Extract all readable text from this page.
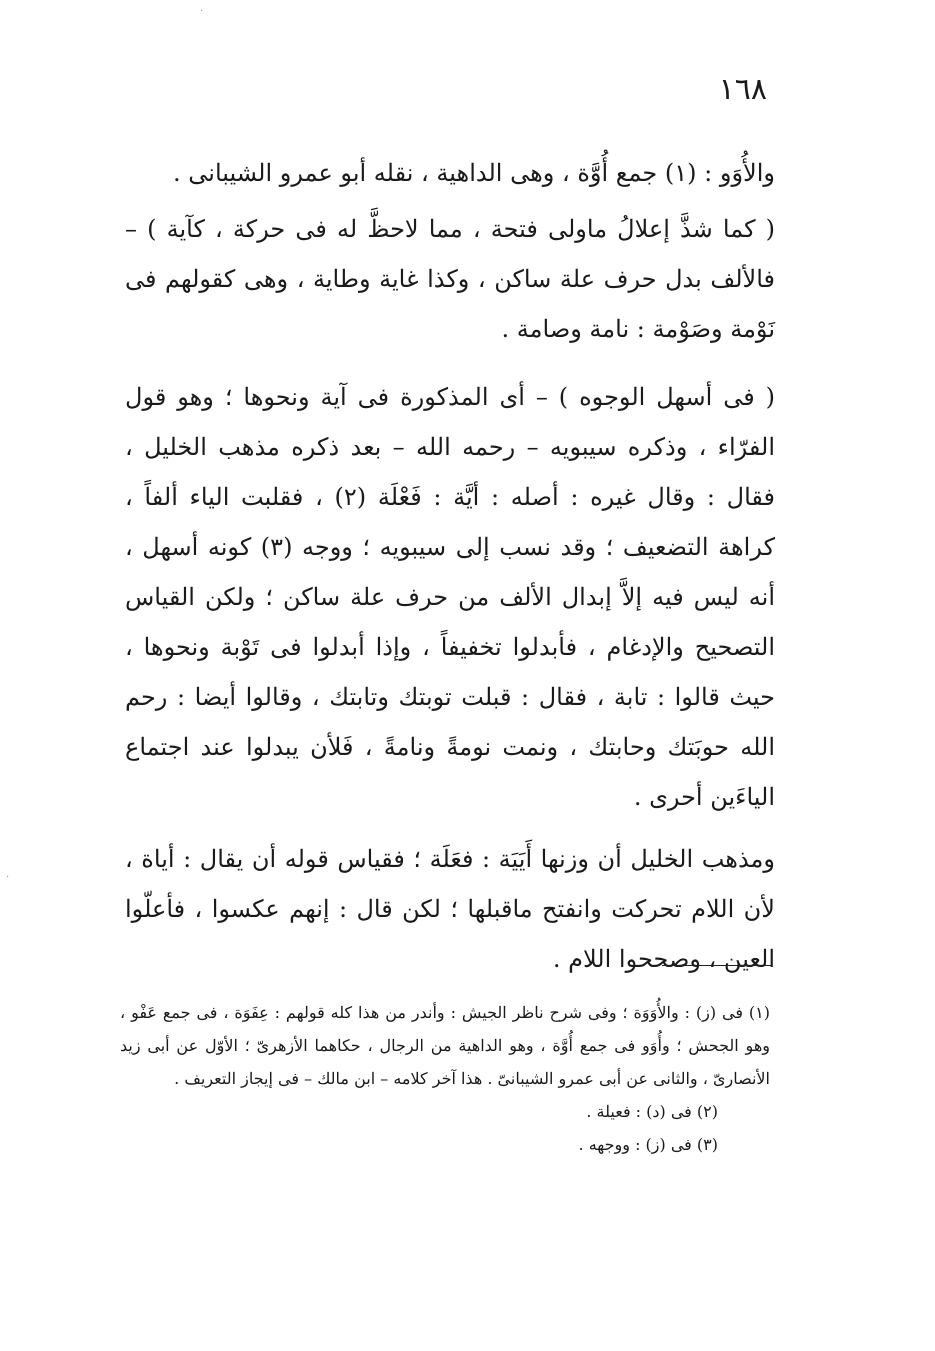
١٦٨

والأُوَو : (١) جمع أُوَّة ، وهى الداهية ، نقله أبو عمرو الشيبانى .

( كما شذَّ إعلالُ ماولى فتحة ، مما لاحظَّ له فى حركة ، كآية ) – فالألف بدل حرف علة ساكن ، وكذا غاية وطاية ، وهى كقولهم فى نَوْمة وصَوْمة : نامة وصامة .

( فى أسهل الوجوه ) – أى المذكورة فى آية ونحوها ؛ وهو قول الفرّاء ، وذكره سيبويه – رحمه الله – بعد ذكره مذهب الخليل ، فقال : وقال غيره : أصله : أيَّة : فَعْلَة (٢) ، فقلبت الياء ألفاً ، كراهة التضعيف ؛ وقد نسب إلى سيبويه ؛ ووجه (٣) كونه أسهل ، أنه ليس فيه إلاَّ إبدال الألف من حرف علة ساكن ؛ ولكن القياس التصحيح والإدغام ، فأبدلوا تخفيفاً ، وإذا أبدلوا فى تَوْبة ونحوها ، حيث قالوا : تابة ، فقال : قبلت توبتك وتابتك ، وقالوا أيضا : رحم الله حوبَتك وحابتك ، ونمت نومةً ونامةً ، فَلأن يبدلوا عند اجتماع الياءَين أحرى .

ومذهب الخليل أن وزنها أَيَيَة : فعَلَة ؛ فقياس قوله أن يقال : أياة ، لأن اللام تحركت وانفتح ماقبلها ؛ لكن قال : إنهم عكسوا ، فأعلّوا العين ، وصححوا اللام .

(١) فى (ز) : والأُوَوَة ؛ وفى شرح ناظر الجيش : وأندر من هذا كله قولهم : عِفَوَة ، فى جمع عَفْو ، وهو الجحش ؛ وأُوَو فى جمع أُوَّة ، وهو الداهية من الرجال ، حكاهما الأزهرىّ ؛ الأوّل عن أبى زيد الأنصارىّ ، والثانى عن أبى عمرو الشيبانىّ . هذا آخر كلامه – ابن مالك – فى إيجاز التعريف .

(٢) فى (د) : فعيلة .

(٣) فى (ز) : ووجهه .

·
·
